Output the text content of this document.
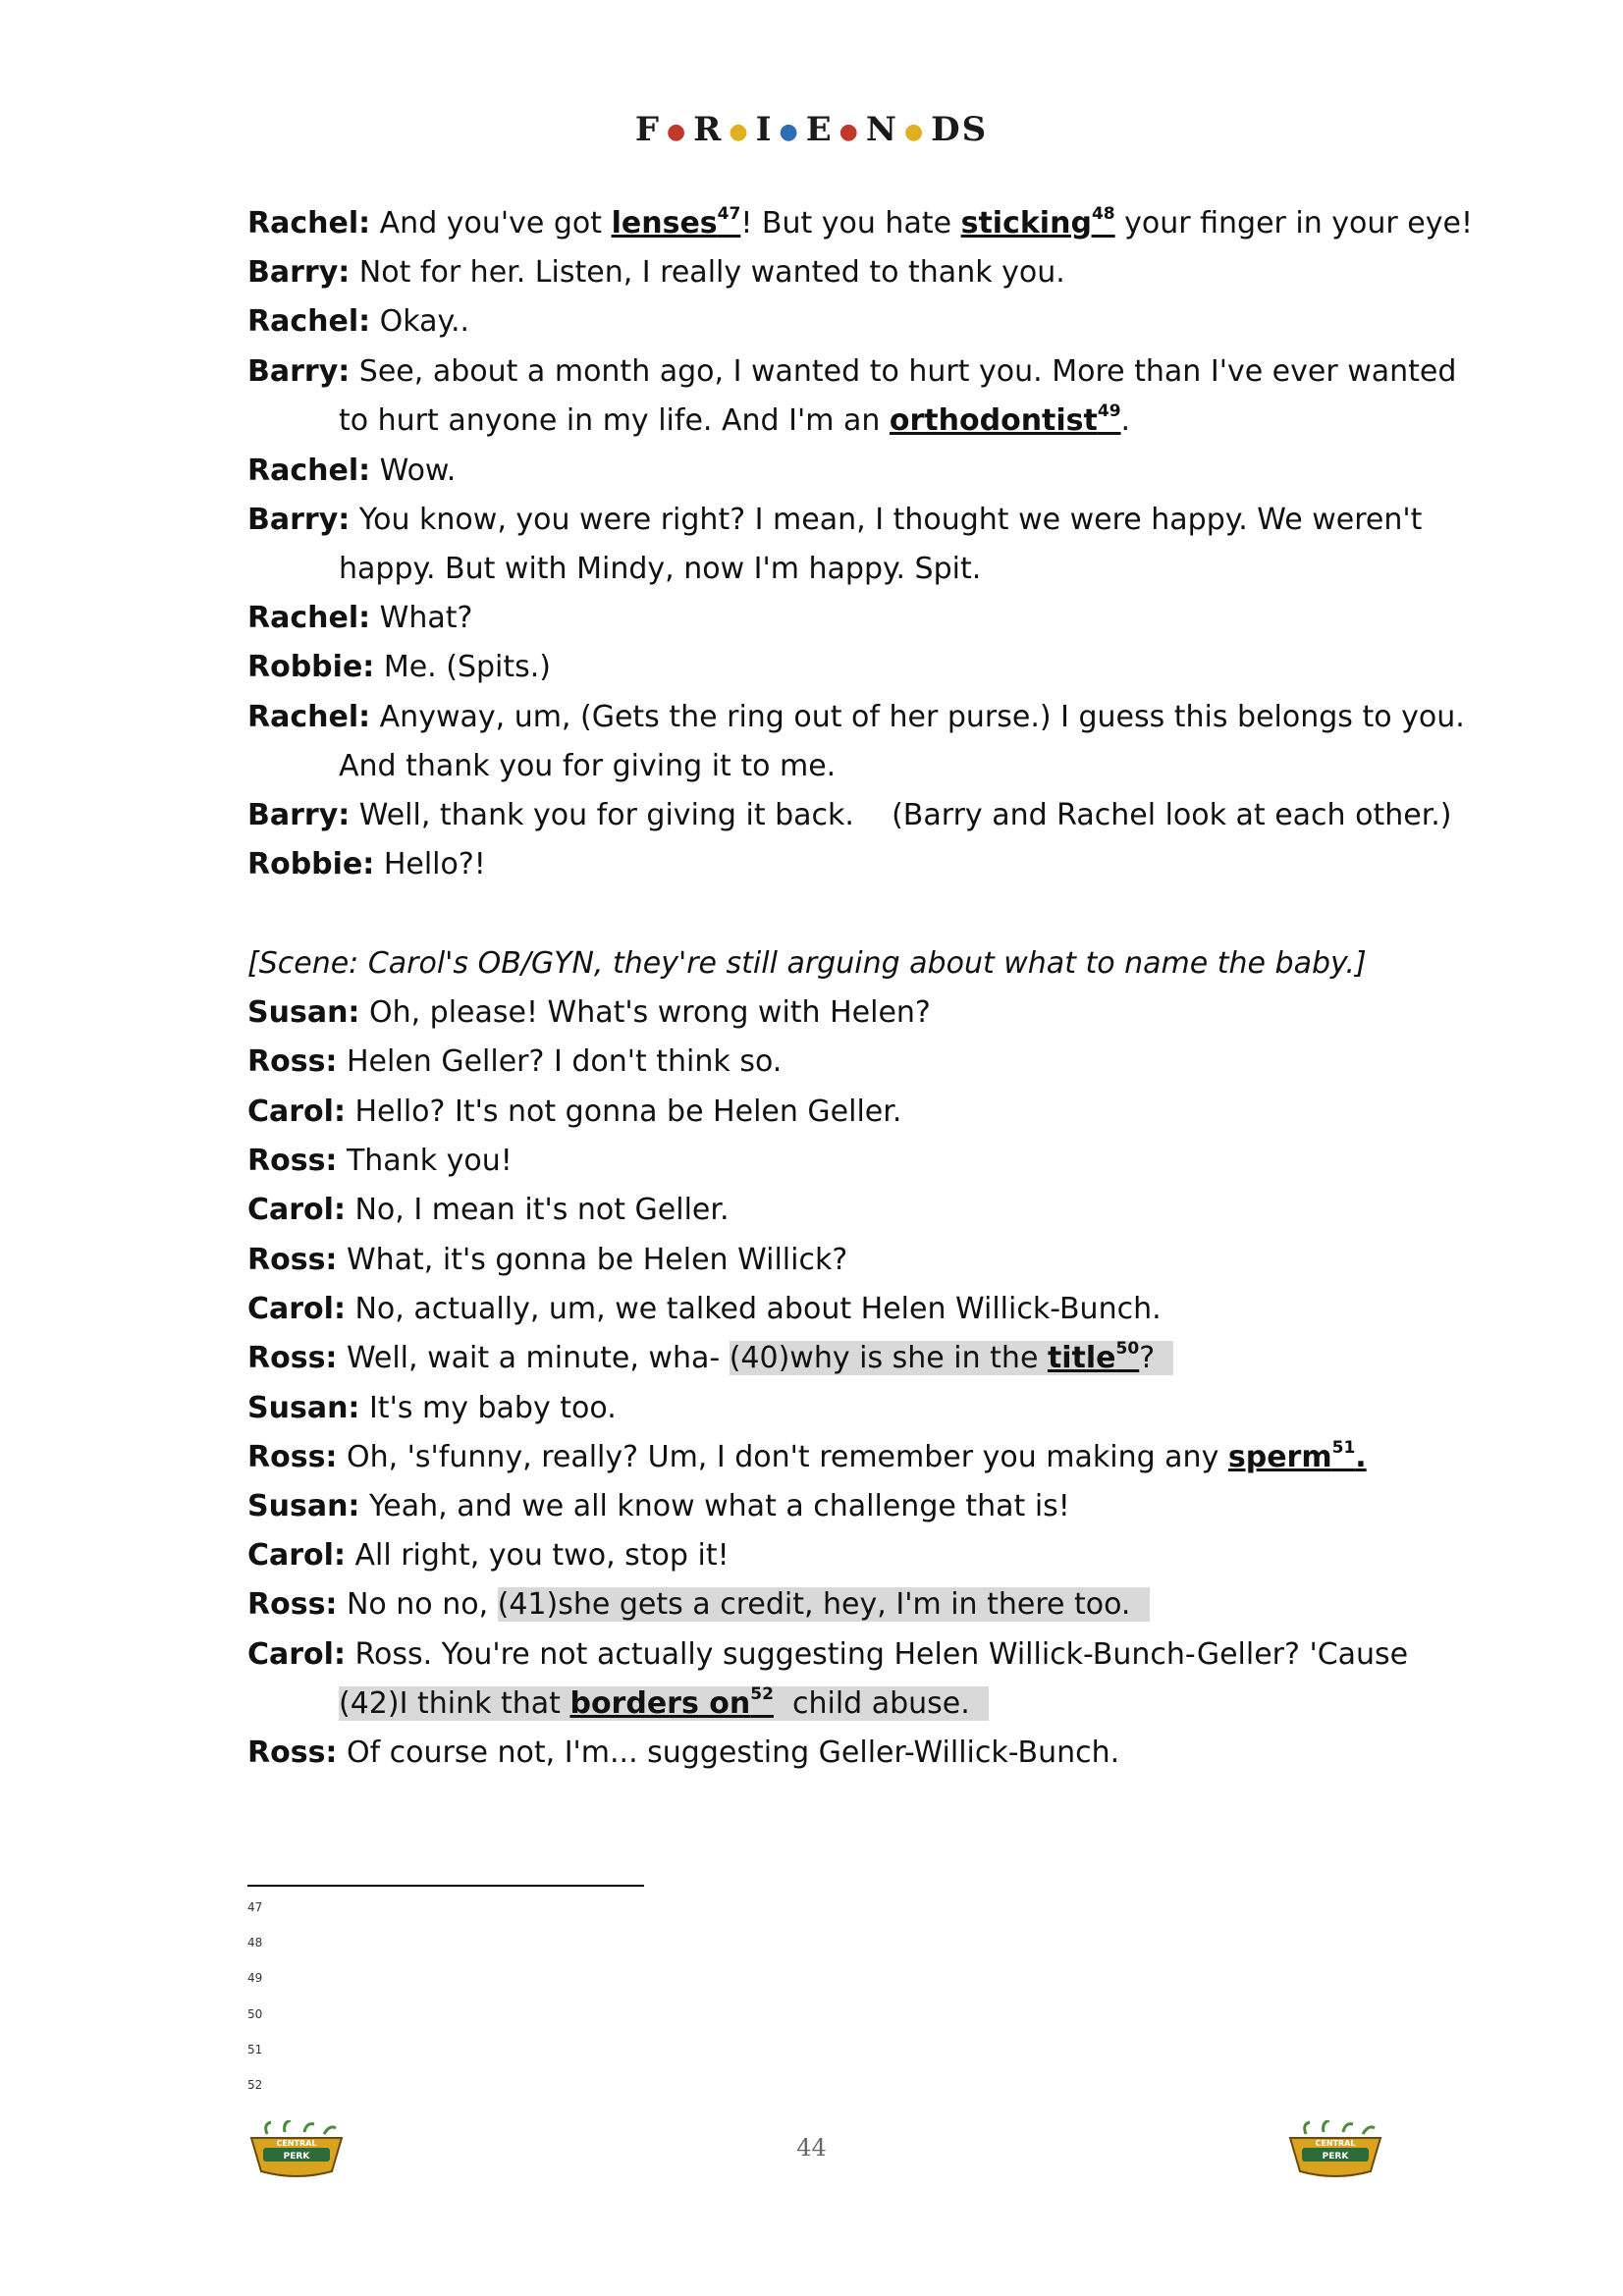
F ● R ● I ● E ● N ● DS
Rachel: And you've got lenses$^{47}$! But you hate sticking$^{48}$ your finger in your eye!
Barry: Not for her. Listen, I really wanted to thank you.
Rachel: Okay..
Barry: See, about a month ago, I wanted to hurt you. More than I've ever wanted
to hurt anyone in my life. And I'm an orthodontist$^{49}$.
Rachel: Wow.
Barry: You know, you were right? I mean, I thought we were happy. We weren't
happy. But with Mindy, now I'm happy. Spit.
Rachel: What?
Robbie: Me. (Spits.)
Rachel: Anyway, um, (Gets the ring out of her purse.) I guess this belongs to you.
And thank you for giving it to me.
Barry: Well, thank you for giving it back.    (Barry and Rachel look at each other.)
Robbie: Hello?!
[Scene: Carol's OB/GYN, they're still arguing about what to name the baby.]
Susan: Oh, please! What's wrong with Helen?
Ross: Helen Geller? I don't think so.
Carol: Hello? It's not gonna be Helen Geller.
Ross: Thank you!
Carol: No, I mean it's not Geller.
Ross: What, it's gonna be Helen Willick?
Carol: No, actually, um, we talked about Helen Willick-Bunch.
Ross: Well, wait a minute, wha- (40)why is she in the title$^{50}$?
Susan: It's my baby too.
Ross: Oh, 's'funny, really? Um, I don't remember you making any sperm$^{51}$.
Susan: Yeah, and we all know what a challenge that is!
Carol: All right, you two, stop it!
Ross: No no no, (41)she gets a credit, hey, I'm in there too.
Carol: Ross. You're not actually suggesting Helen Willick-Bunch-Geller? 'Cause
(42)I think that borders $on^{52}$  child abuse.
Ross: Of course not, I'm... suggesting Geller-Willick-Bunch.
47
48
49
50
51
52
CENTRAL
PERK	44	CENTRAL
PERK
